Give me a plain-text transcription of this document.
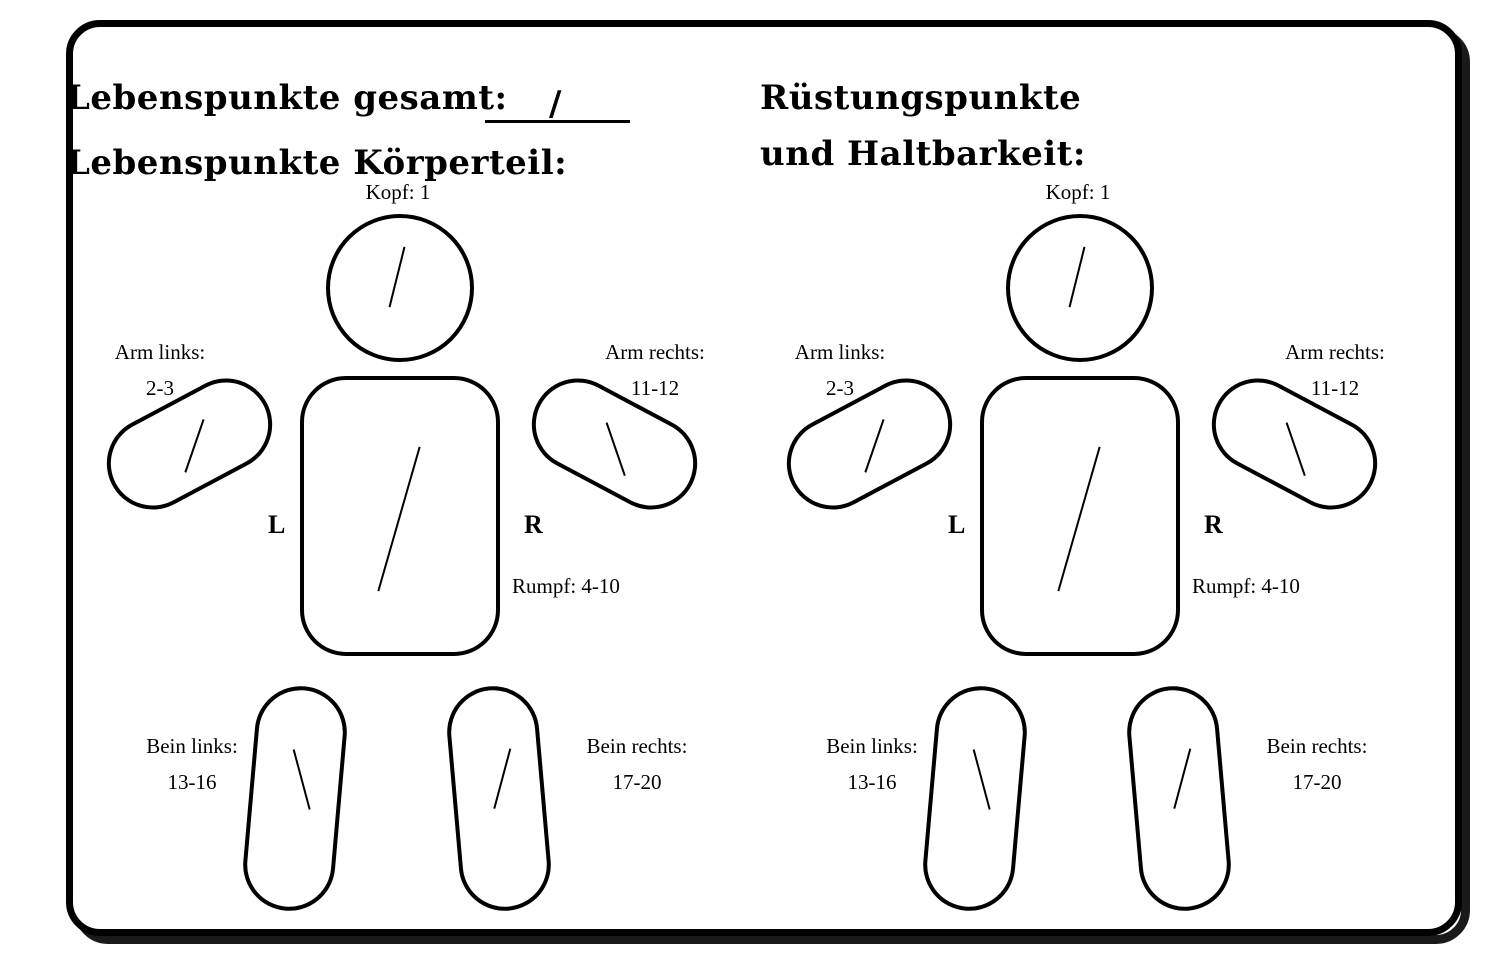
Lebenspunkte gesamt: /
Lebenspunkte Körperteil:
Rüstungspunkte
und Haltbarkeit:
Kopf: 1
Arm links:
2-3
Arm rechts:
11-12
Rumpf: 4-10
Bein links:
13-16
Bein rechts:
17-20
L	R
Kopf: 1
Arm links:
2-3
Arm rechts:
11-12
Rumpf: 4-10
Bein links:
13-16
Bein rechts:
17-20
L	R
